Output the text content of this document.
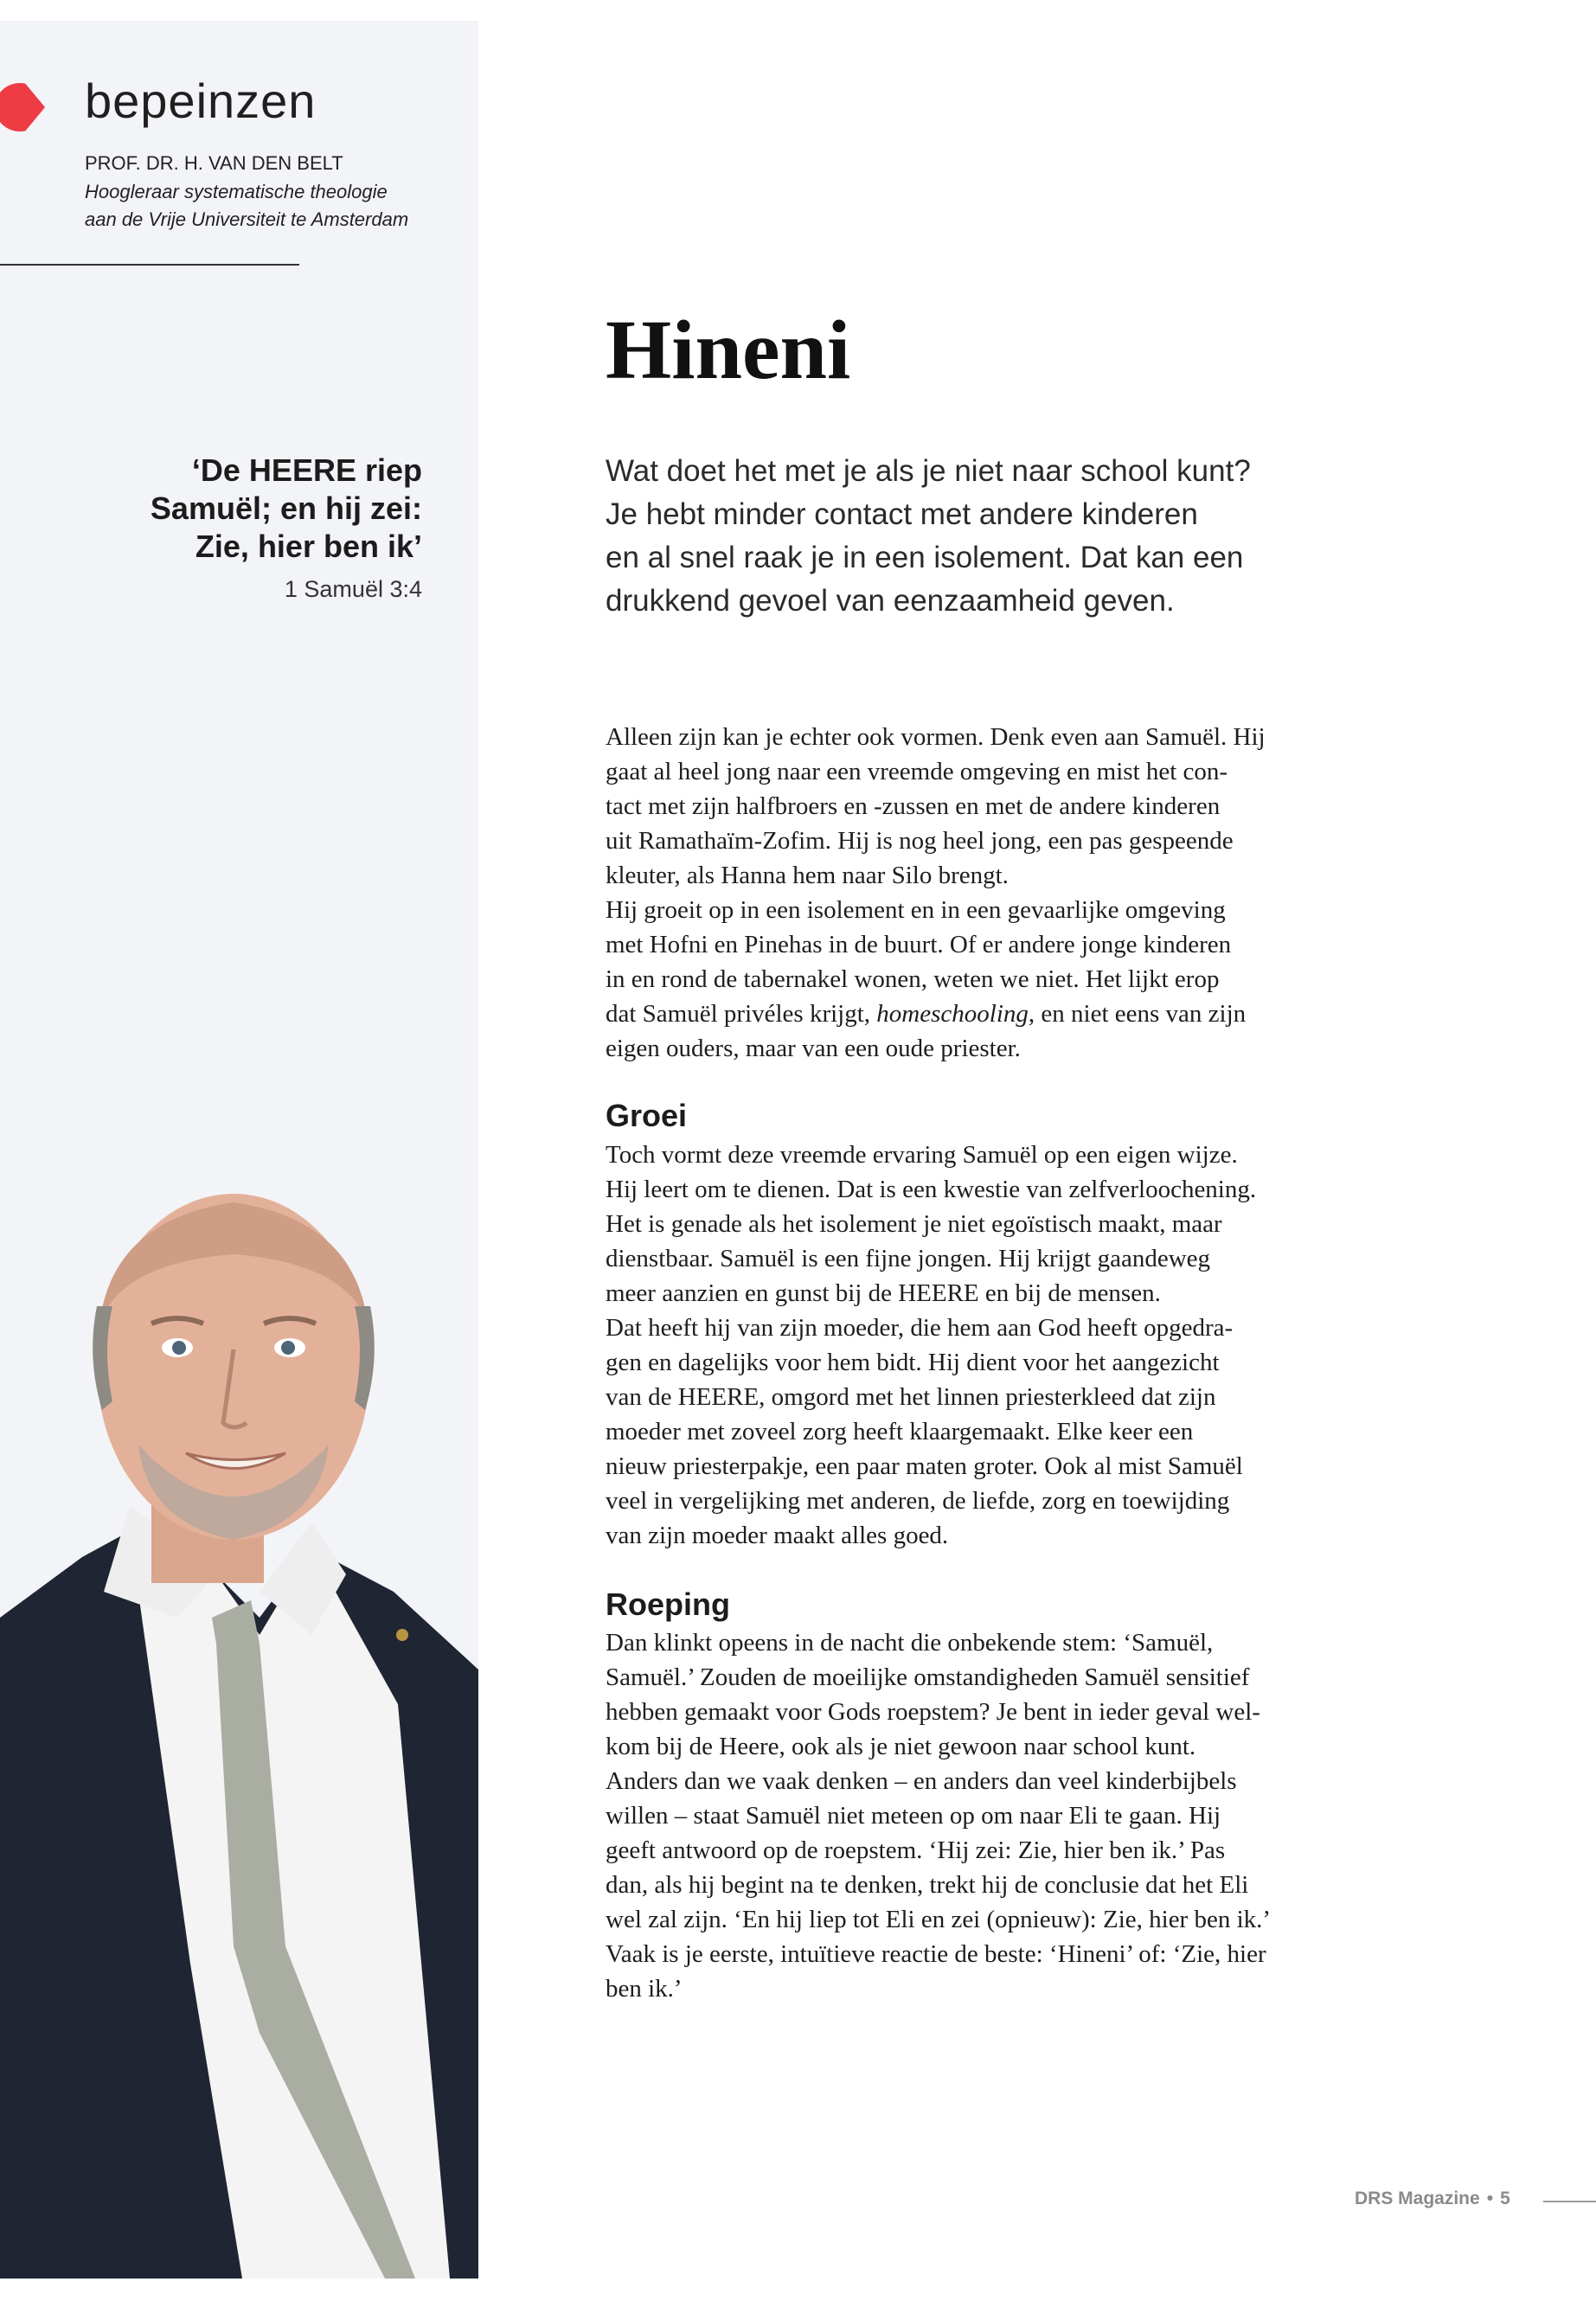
bepeinzen
PROF. DR. H. VAN DEN BELT
Hoogleraar systematische theologie
aan de Vrije Universiteit te Amsterdam
‘De HEERE riep
Samuël; en hij zei:
Zie, hier ben ik’
1 Samuël 3:4
Hineni
Wat doet het met je als je niet naar school kunt?
Je hebt minder contact met andere kinderen
en al snel raak je in een isolement. Dat kan een
drukkend gevoel van eenzaamheid geven.
Alleen zijn kan je echter ook vormen. Denk even aan Samuël. Hij
gaat al heel jong naar een vreemde omgeving en mist het con-
tact met zijn halfbroers en -zussen en met de andere kinderen
uit Ramathaïm-Zofim. Hij is nog heel jong, een pas gespeende
kleuter, als Hanna hem naar Silo brengt.
Hij groeit op in een isolement en in een gevaarlijke omgeving
met Hofni en Pinehas in de buurt. Of er andere jonge kinderen
in en rond de tabernakel wonen, weten we niet. Het lijkt erop
dat Samuël privéles krijgt, homeschooling, en niet eens van zijn
eigen ouders, maar van een oude priester.
Groei
Toch vormt deze vreemde ervaring Samuël op een eigen wijze.
Hij leert om te dienen. Dat is een kwestie van zelfverloochening.
Het is genade als het isolement je niet egoïstisch maakt, maar
dienstbaar. Samuël is een fijne jongen. Hij krijgt gaandeweg
meer aanzien en gunst bij de HEERE en bij de mensen.
Dat heeft hij van zijn moeder, die hem aan God heeft opgedra-
gen en dagelijks voor hem bidt. Hij dient voor het aangezicht
van de HEERE, omgord met het linnen priesterkleed dat zijn
moeder met zoveel zorg heeft klaargemaakt. Elke keer een
nieuw priesterpakje, een paar maten groter. Ook al mist Samuël
veel in vergelijking met anderen, de liefde, zorg en toewijding
van zijn moeder maakt alles goed.
Roeping
Dan klinkt opeens in de nacht die onbekende stem: ‘Samuël,
Samuël.’ Zouden de moeilijke omstandigheden Samuël sensitief
hebben gemaakt voor Gods roepstem? Je bent in ieder geval wel-
kom bij de Heere, ook als je niet gewoon naar school kunt.
Anders dan we vaak denken – en anders dan veel kinderbijbels
willen – staat Samuël niet meteen op om naar Eli te gaan. Hij
geeft antwoord op de roepstem. ‘Hij zei: Zie, hier ben ik.’ Pas
dan, als hij begint na te denken, trekt hij de conclusie dat het Eli
wel zal zijn. ‘En hij liep tot Eli en zei (opnieuw): Zie, hier ben ik.’
Vaak is je eerste, intuïtieve reactie de beste: ‘Hineni’ of: ‘Zie, hier
ben ik.’
DRS Magazine • 5
